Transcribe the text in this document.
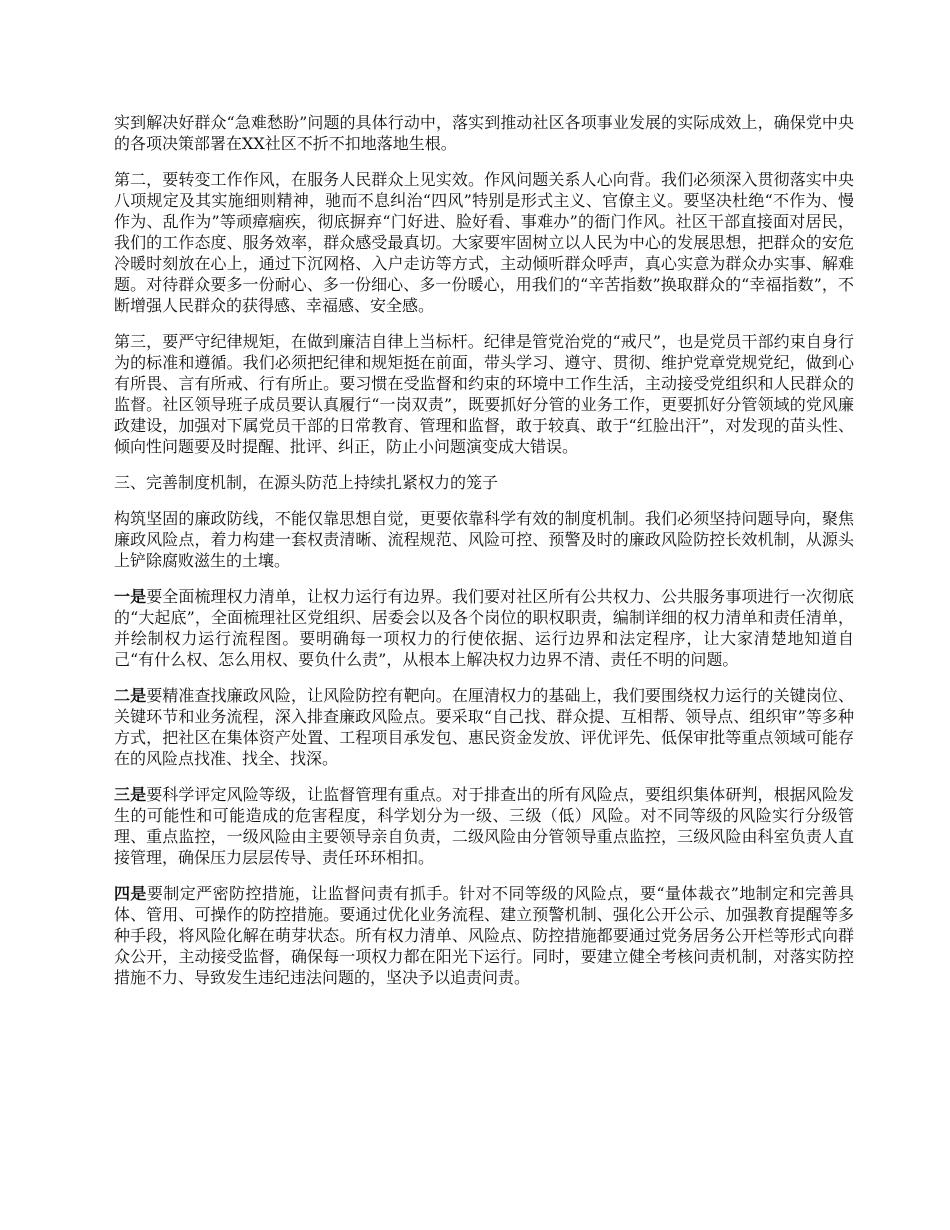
实到解决好群众“急难愁盼”问题的具体行动中，落实到推动社区各项事业发展的实际成效上，确保党中央的各项决策部署在XX社区不折不扣地落地生根。

第二，要转变工作作风，在服务人民群众上见实效。作风问题关系人心向背。我们必须深入贯彻落实中央八项规定及其实施细则精神，驰而不息纠治“四风”特别是形式主义、官僚主义。要坚决杜绝“不作为、慢作为、乱作为”等顽瘴痼疾，彻底摒弃“门好进、脸好看、事难办”的衙门作风。社区干部直接面对居民，我们的工作态度、服务效率，群众感受最真切。大家要牢固树立以人民为中心的发展思想，把群众的安危冷暖时刻放在心上，通过下沉网格、入户走访等方式，主动倾听群众呼声，真心实意为群众办实事、解难题。对待群众要多一份耐心、多一份细心、多一份暖心，用我们的“辛苦指数”换取群众的“幸福指数”，不断增强人民群众的获得感、幸福感、安全感。

第三，要严守纪律规矩，在做到廉洁自律上当标杆。纪律是管党治党的“戒尺”，也是党员干部约束自身行为的标准和遵循。我们必须把纪律和规矩挺在前面，带头学习、遵守、贯彻、维护党章党规党纪，做到心有所畏、言有所戒、行有所止。要习惯在受监督和约束的环境中工作生活，主动接受党组织和人民群众的监督。社区领导班子成员要认真履行“一岗双责”，既要抓好分管的业务工作，更要抓好分管领域的党风廉政建设，加强对下属党员干部的日常教育、管理和监督，敢于较真、敢于“红脸出汗”，对发现的苗头性、倾向性问题要及时提醒、批评、纠正，防止小问题演变成大错误。

三、完善制度机制，在源头防范上持续扎紧权力的笼子

构筑坚固的廉政防线，不能仅靠思想自觉，更要依靠科学有效的制度机制。我们必须坚持问题导向，聚焦廉政风险点，着力构建一套权责清晰、流程规范、风险可控、预警及时的廉政风险防控长效机制，从源头上铲除腐败滋生的土壤。

一是要全面梳理权力清单，让权力运行有边界。我们要对社区所有公共权力、公共服务事项进行一次彻底的“大起底”，全面梳理社区党组织、居委会以及各个岗位的职权职责，编制详细的权力清单和责任清单，并绘制权力运行流程图。要明确每一项权力的行使依据、运行边界和法定程序，让大家清楚地知道自己“有什么权、怎么用权、要负什么责”，从根本上解决权力边界不清、责任不明的问题。

二是要精准查找廉政风险，让风险防控有靶向。在厘清权力的基础上，我们要围绕权力运行的关键岗位、关键环节和业务流程，深入排查廉政风险点。要采取“自己找、群众提、互相帮、领导点、组织审”等多种方式，把社区在集体资产处置、工程项目承发包、惠民资金发放、评优评先、低保审批等重点领域可能存在的风险点找准、找全、找深。

三是要科学评定风险等级，让监督管理有重点。对于排查出的所有风险点，要组织集体研判，根据风险发生的可能性和可能造成的危害程度，科学划分为一级、三级（低）风险。对不同等级的风险实行分级管理、重点监控，一级风险由主要领导亲自负责，二级风险由分管领导重点监控，三级风险由科室负责人直接管理，确保压力层层传导、责任环环相扣。

四是要制定严密防控措施，让监督问责有抓手。针对不同等级的风险点，要“量体裁衣”地制定和完善具体、管用、可操作的防控措施。要通过优化业务流程、建立预警机制、强化公开公示、加强教育提醒等多种手段，将风险化解在萌芽状态。所有权力清单、风险点、防控措施都要通过党务居务公开栏等形式向群众公开，主动接受监督，确保每一项权力都在阳光下运行。同时，要建立健全考核问责机制，对落实防控措施不力、导致发生违纪违法问题的，坚决予以追责问责。
